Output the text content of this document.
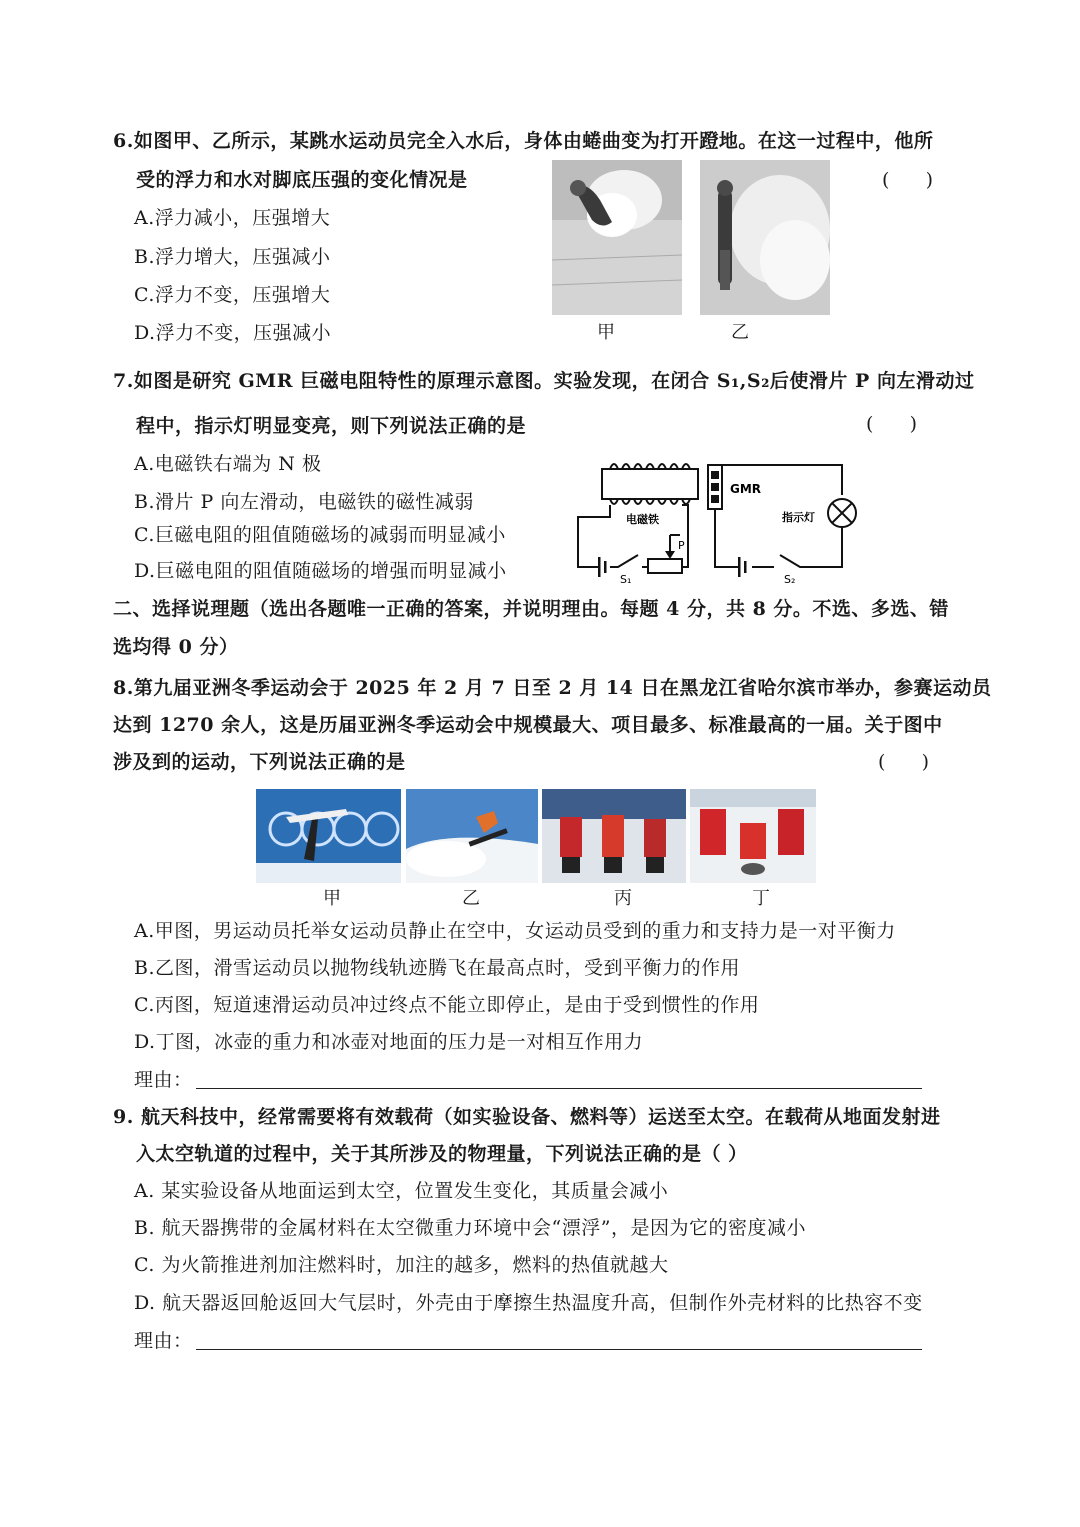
6.如图甲、乙所示，某跳水运动员完全入水后，身体由蜷曲变为打开蹬地。在这一过程中，他所
受的浮力和水对脚底压强的变化情况是	(      )
A.浮力减小，压强增大
B.浮力增大，压强减小
C.浮力不变，压强增大
D.浮力不变，压强减小	甲	乙
7.如图是研究 GMR 巨磁电阻特性的原理示意图。实验发现，在闭合 S₁,S₂后使滑片 P 向左滑动过
程中，指示灯明显变亮，则下列说法正确的是	(      )
A.电磁铁右端为 N 极
B.滑片 P 向左滑动，电磁铁的磁性减弱
C.巨磁电阻的阻值随磁场的减弱而明显减小
D.巨磁电阻的阻值随磁场的增强而明显减小
GMR
电磁铁	指示灯
P
S₁	S₂
二、选择说理题（选出各题唯一正确的答案，并说明理由。每题 4 分，共 8 分。不选、多选、错
选均得 0 分）
8.第九届亚洲冬季运动会于 2025 年 2 月 7 日至 2 月 14 日在黑龙江省哈尔滨市举办，参赛运动员
达到 1270 余人，这是历届亚洲冬季运动会中规模最大、项目最多、标准最高的一届。关于图中
涉及到的运动，下列说法正确的是	(      )
甲	乙	丙	丁
A.甲图，男运动员托举女运动员静止在空中，女运动员受到的重力和支持力是一对平衡力
B.乙图，滑雪运动员以抛物线轨迹腾飞在最高点时，受到平衡力的作用
C.丙图，短道速滑运动员冲过终点不能立即停止，是由于受到惯性的作用
D.丁图，冰壶的重力和冰壶对地面的压力是一对相互作用力
理由：
9. 航天科技中，经常需要将有效载荷（如实验设备、燃料等）运送至太空。在载荷从地面发射进
入太空轨道的过程中，关于其所涉及的物理量，下列说法正确的是（ ）
A. 某实验设备从地面运到太空，位置发生变化，其质量会减小
B. 航天器携带的金属材料在太空微重力环境中会“漂浮”，是因为它的密度减小
C. 为火箭推进剂加注燃料时，加注的越多，燃料的热值就越大
D. 航天器返回舱返回大气层时，外壳由于摩擦生热温度升高，但制作外壳材料的比热容不变
理由：
